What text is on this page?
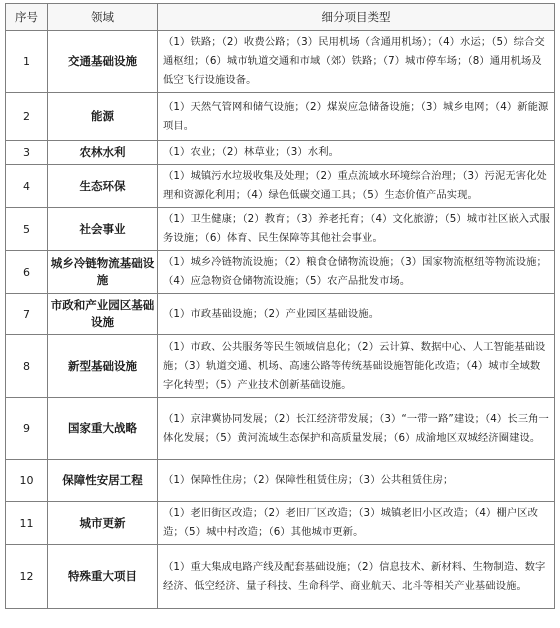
序号	领域	细分项目类型
1	交通基础设施	（1）铁路；（2）收费公路；（3）民用机场（含通用机场）；（4）水运；（5）综合交通枢纽；（6）城市轨道交通和市域（郊）铁路；（7）城市停车场；（8）通用机场及低空飞行设施设备。
2	能源	（1）天然气管网和储气设施；（2）煤炭应急储备设施；（3）城乡电网；（4）新能源项目。
3	农林水利	（1）农业；（2）林草业；（3）水利。
4	生态环保	（1）城镇污水垃圾收集及处理；（2）重点流域水环境综合治理；（3）污泥无害化处理和资源化利用；（4）绿色低碳交通工具；（5）生态价值产品实现。
5	社会事业	（1）卫生健康；（2）教育；（3）养老托育；（4）文化旅游；（5）城市社区嵌入式服务设施；（6）体育、民生保障等其他社会事业。
6	城乡冷链物流基础设施	（1）城乡冷链物流设施；（2）粮食仓储物流设施；（3）国家物流枢纽等物流设施；（4）应急物资仓储物流设施；（5）农产品批发市场。
7	市政和产业园区基础设施	（1）市政基础设施；（2）产业园区基础设施。
8	新型基础设施	（1）市政、公共服务等民生领域信息化；（2）云计算、数据中心、人工智能基础设施；（3）轨道交通、机场、高速公路等传统基础设施智能化改造；（4）城市全域数字化转型；（5）产业技术创新基础设施。
9	国家重大战略	（1）京津冀协同发展；（2）长江经济带发展；（3）“一带一路”建设；（4）长三角一体化发展；（5）黄河流域生态保护和高质量发展；（6）成渝地区双城经济圈建设。
10	保障性安居工程	（1）保障性住房；（2）保障性租赁住房；（3）公共租赁住房；
11	城市更新	（1）老旧街区改造；（2）老旧厂区改造；（3）城镇老旧小区改造；（4）棚户区改造；（5）城中村改造；（6）其他城市更新。
12	特殊重大项目	（1）重大集成电路产线及配套基础设施；（2）信息技术、新材料、生物制造、数字经济、低空经济、量子科技、生命科学、商业航天、北斗等相关产业基础设施。
